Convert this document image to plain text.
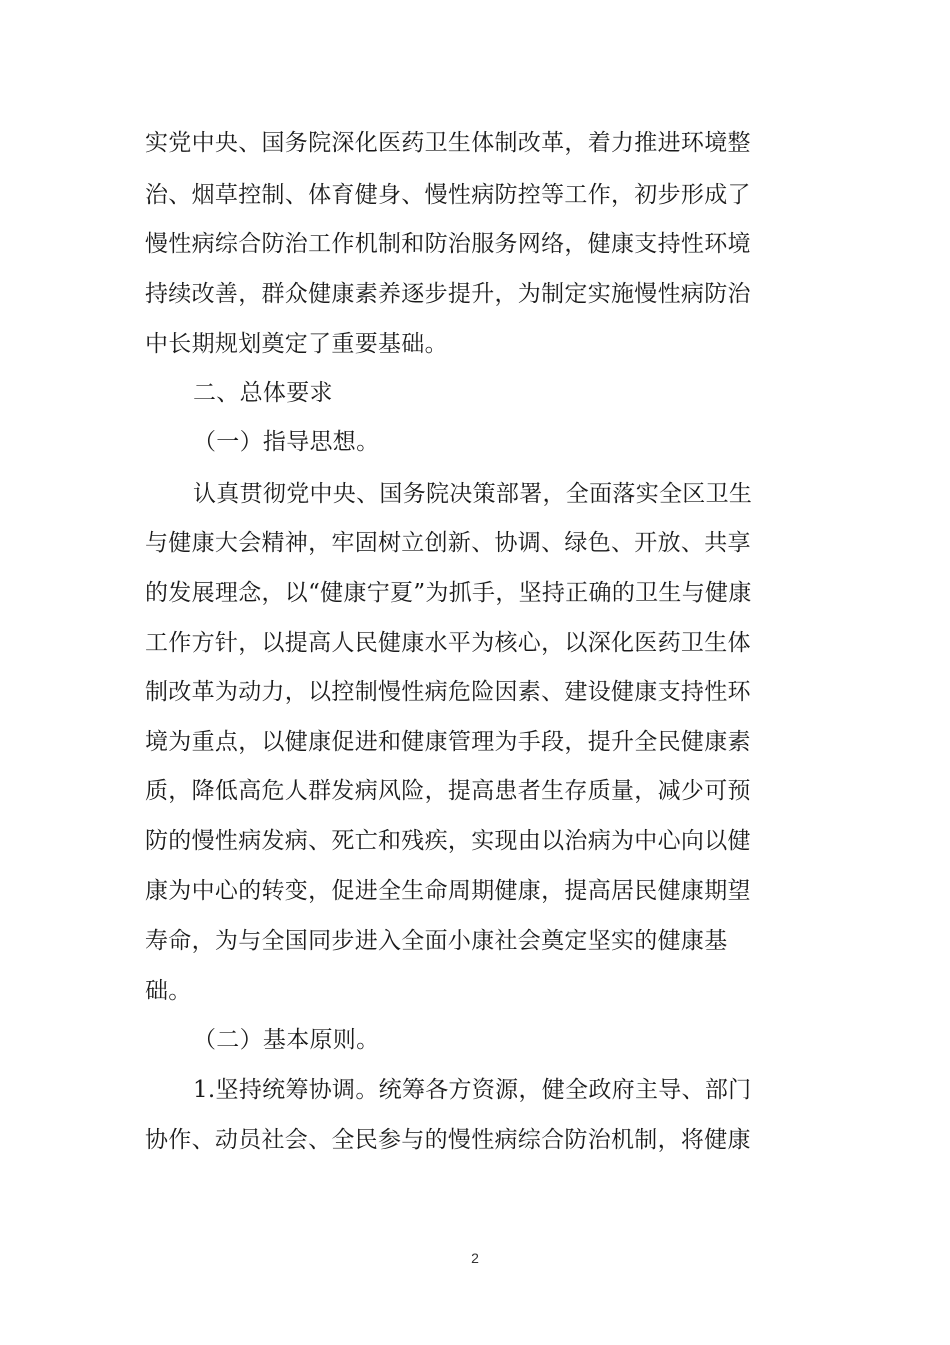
实党中央、国务院深化医药卫生体制改革，着力推进环境整
治、烟草控制、体育健身、慢性病防控等工作，初步形成了
慢性病综合防治工作机制和防治服务网络，健康支持性环境
持续改善，群众健康素养逐步提升，为制定实施慢性病防治
中长期规划奠定了重要基础。
二、总体要求
（一）指导思想。
认真贯彻党中央、国务院决策部署，全面落实全区卫生
与健康大会精神，牢固树立创新、协调、绿色、开放、共享
的发展理念，以“健康宁夏”为抓手，坚持正确的卫生与健康
工作方针，以提高人民健康水平为核心，以深化医药卫生体
制改革为动力，以控制慢性病危险因素、建设健康支持性环
境为重点，以健康促进和健康管理为手段，提升全民健康素
质，降低高危人群发病风险，提高患者生存质量，减少可预
防的慢性病发病、死亡和残疾，实现由以治病为中心向以健
康为中心的转变，促进全生命周期健康，提高居民健康期望
寿命，为与全国同步进入全面小康社会奠定坚实的健康基
础。
（二）基本原则。
1.坚持统筹协调。统筹各方资源，健全政府主导、部门
协作、动员社会、全民参与的慢性病综合防治机制，将健康
2
